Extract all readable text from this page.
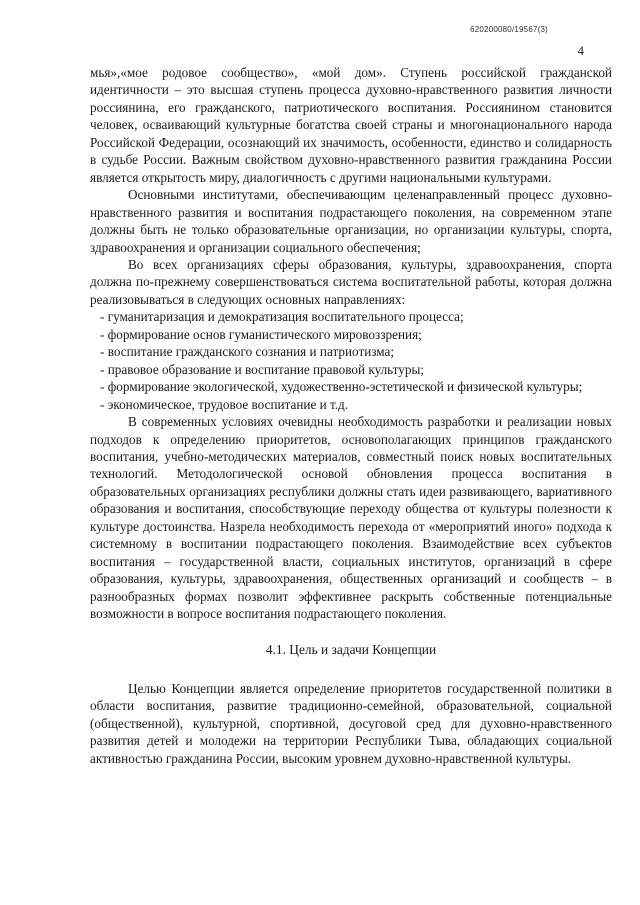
620200080/19567(3)
4

мья»,«мое родовое сообщество», «мой дом». Ступень российской гражданской идентичности – это высшая ступень процесса духовно-нравственного развития личности россиянина, его гражданского, патриотического воспитания. Россиянином становится человек, осваивающий культурные богатства своей страны и многонационального народа Российской Федерации, осознающий их значимость, особенности, единство и солидарность в судьбе России. Важным свойством духовно-нравственного развития гражданина России является открытость миру, диалогичность с другими национальными культурами.

Основными институтами, обеспечивающим целенаправленный процесс духовно-нравственного развития и воспитания подрастающего поколения, на современном этапе должны быть не только образовательные организации, но организации культуры, спорта, здравоохранения и организации социального обеспечения;

Во всех организациях сферы образования, культуры, здравоохранения, спорта должна по-прежнему совершенствоваться система воспитательной работы, которая должна реализовываться в следующих основных направлениях:

- гуманитаризация и демократизация воспитательного процесса;

- формирование основ гуманистического мировоззрения;

- воспитание гражданского сознания и патриотизма;

- правовое образование и воспитание правовой культуры;

- формирование экологической, художественно-эстетической и физической культуры;

- экономическое, трудовое воспитание и т.д.

В современных условиях очевидны необходимость разработки и реализации новых подходов к определению приоритетов, основополагающих принципов гражданского воспитания, учебно-методических материалов, совместный поиск новых воспитательных технологий. Методологической основой обновления процесса воспитания в образовательных организациях республики должны стать идеи развивающего, вариативного образования и воспитания, способствующие переходу общества от культуры полезности к культуре достоинства. Назрела необходимость перехода от «мероприятий иного» подхода к системному в воспитании подрастающего поколения. Взаимодействие всех субъектов воспитания – государственной власти, социальных институтов, организаций в сфере образования, культуры, здравоохранения, общественных организаций и сообществ – в разнообразных формах позволит эффективнее раскрыть собственные потенциальные возможности в вопросе воспитания подрастающего поколения.

4.1. Цель и задачи Концепции

Целью Концепции является определение приоритетов государственной политики в области воспитания, развитие традиционно-семейной, образовательной, социальной (общественной), культурной, спортивной, досуговой сред для духовно-нравственного развития детей и молодежи на территории Республики Тыва, обладающих социальной активностью гражданина России, высоким уровнем духовно-нравственной культуры.
